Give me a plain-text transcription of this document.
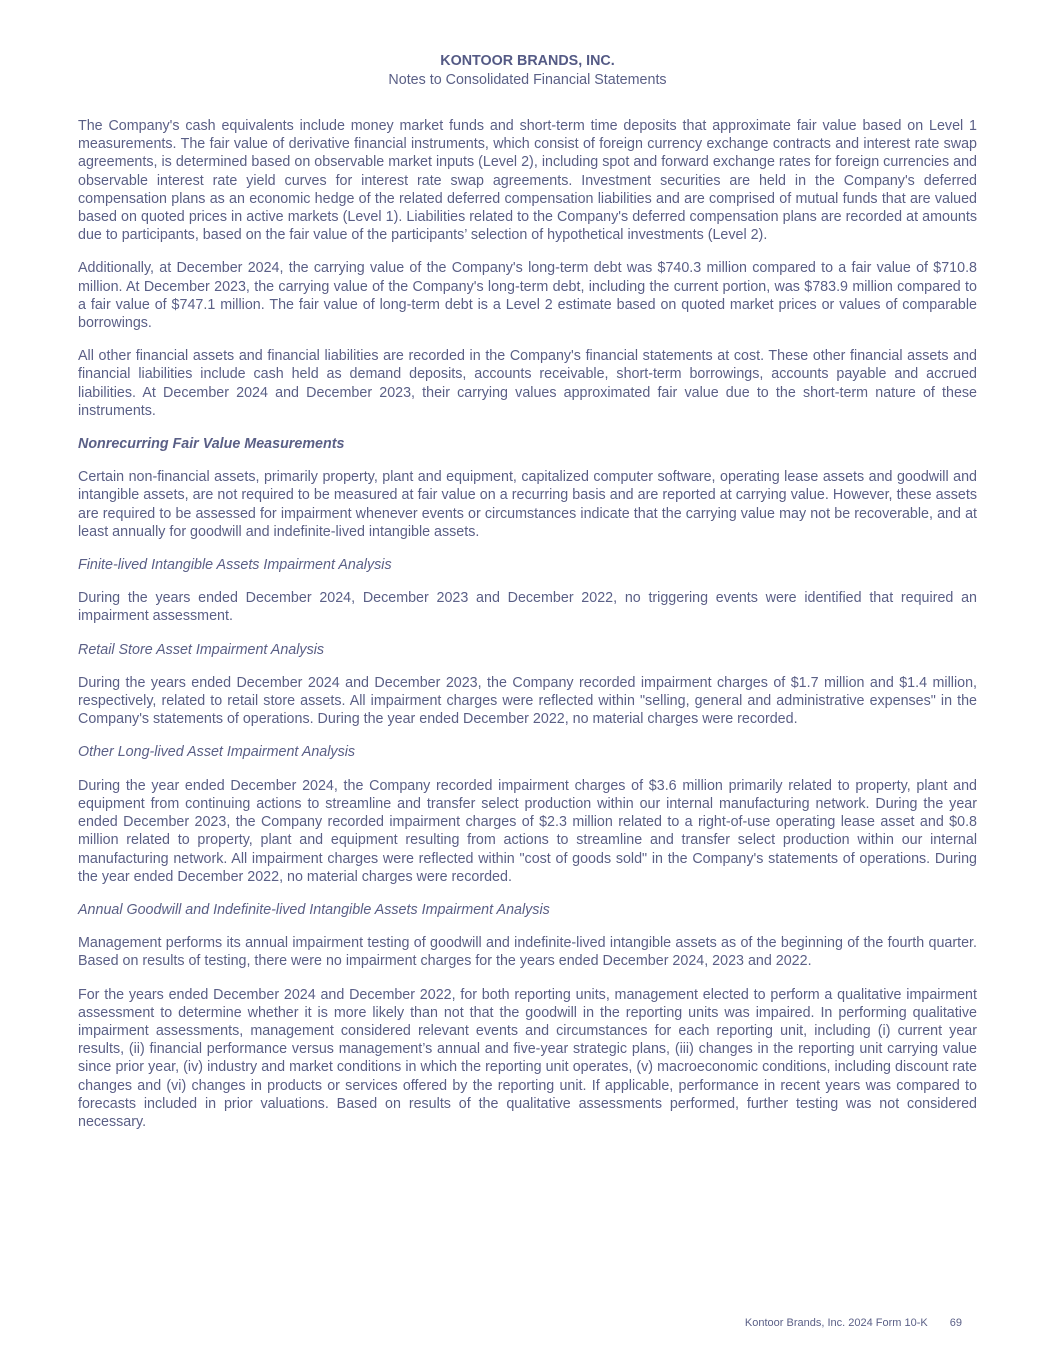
KONTOOR BRANDS, INC.
Notes to Consolidated Financial Statements

The Company's cash equivalents include money market funds and short-term time deposits that approximate fair value based on Level 1 measurements. The fair value of derivative financial instruments, which consist of foreign currency exchange contracts and interest rate swap agreements, is determined based on observable market inputs (Level 2), including spot and forward exchange rates for foreign currencies and observable interest rate yield curves for interest rate swap agreements. Investment securities are held in the Company's deferred compensation plans as an economic hedge of the related deferred compensation liabilities and are comprised of mutual funds that are valued based on quoted prices in active markets (Level 1). Liabilities related to the Company's deferred compensation plans are recorded at amounts due to participants, based on the fair value of the participants’ selection of hypothetical investments (Level 2).

Additionally, at December 2024, the carrying value of the Company's long-term debt was $740.3 million compared to a fair value of $710.8 million. At December 2023, the carrying value of the Company's long-term debt, including the current portion, was $783.9 million compared to a fair value of $747.1 million. The fair value of long-term debt is a Level 2 estimate based on quoted market prices or values of comparable borrowings.

All other financial assets and financial liabilities are recorded in the Company's financial statements at cost. These other financial assets and financial liabilities include cash held as demand deposits, accounts receivable, short-term borrowings, accounts payable and accrued liabilities. At December 2024 and December 2023, their carrying values approximated fair value due to the short-term nature of these instruments.

Nonrecurring Fair Value Measurements

Certain non-financial assets, primarily property, plant and equipment, capitalized computer software, operating lease assets and goodwill and intangible assets, are not required to be measured at fair value on a recurring basis and are reported at carrying value. However, these assets are required to be assessed for impairment whenever events or circumstances indicate that the carrying value may not be recoverable, and at least annually for goodwill and indefinite-lived intangible assets.

Finite-lived Intangible Assets Impairment Analysis

During the years ended December 2024, December 2023 and December 2022, no triggering events were identified that required an impairment assessment.

Retail Store Asset Impairment Analysis

During the years ended December 2024 and December 2023, the Company recorded impairment charges of $1.7 million and $1.4 million, respectively, related to retail store assets. All impairment charges were reflected within "selling, general and administrative expenses" in the Company's statements of operations. During the year ended December 2022, no material charges were recorded.

Other Long-lived Asset Impairment Analysis

During the year ended December 2024, the Company recorded impairment charges of $3.6 million primarily related to property, plant and equipment from continuing actions to streamline and transfer select production within our internal manufacturing network. During the year ended December 2023, the Company recorded impairment charges of $2.3 million related to a right-of-use operating lease asset and $0.8 million related to property, plant and equipment resulting from actions to streamline and transfer select production within our internal manufacturing network. All impairment charges were reflected within "cost of goods sold" in the Company's statements of operations. During the year ended December 2022, no material charges were recorded.

Annual Goodwill and Indefinite-lived Intangible Assets Impairment Analysis

Management performs its annual impairment testing of goodwill and indefinite-lived intangible assets as of the beginning of the fourth quarter. Based on results of testing, there were no impairment charges for the years ended December 2024, 2023 and 2022.

For the years ended December 2024 and December 2022, for both reporting units, management elected to perform a qualitative impairment assessment to determine whether it is more likely than not that the goodwill in the reporting units was impaired. In performing qualitative impairment assessments, management considered relevant events and circumstances for each reporting unit, including (i) current year results, (ii) financial performance versus management’s annual and five-year strategic plans, (iii) changes in the reporting unit carrying value since prior year, (iv) industry and market conditions in which the reporting unit operates, (v) macroeconomic conditions, including discount rate changes and (vi) changes in products or services offered by the reporting unit. If applicable, performance in recent years was compared to forecasts included in prior valuations. Based on results of the qualitative assessments performed, further testing was not considered necessary.

Kontoor Brands, Inc. 2024 Form 10-K 69
